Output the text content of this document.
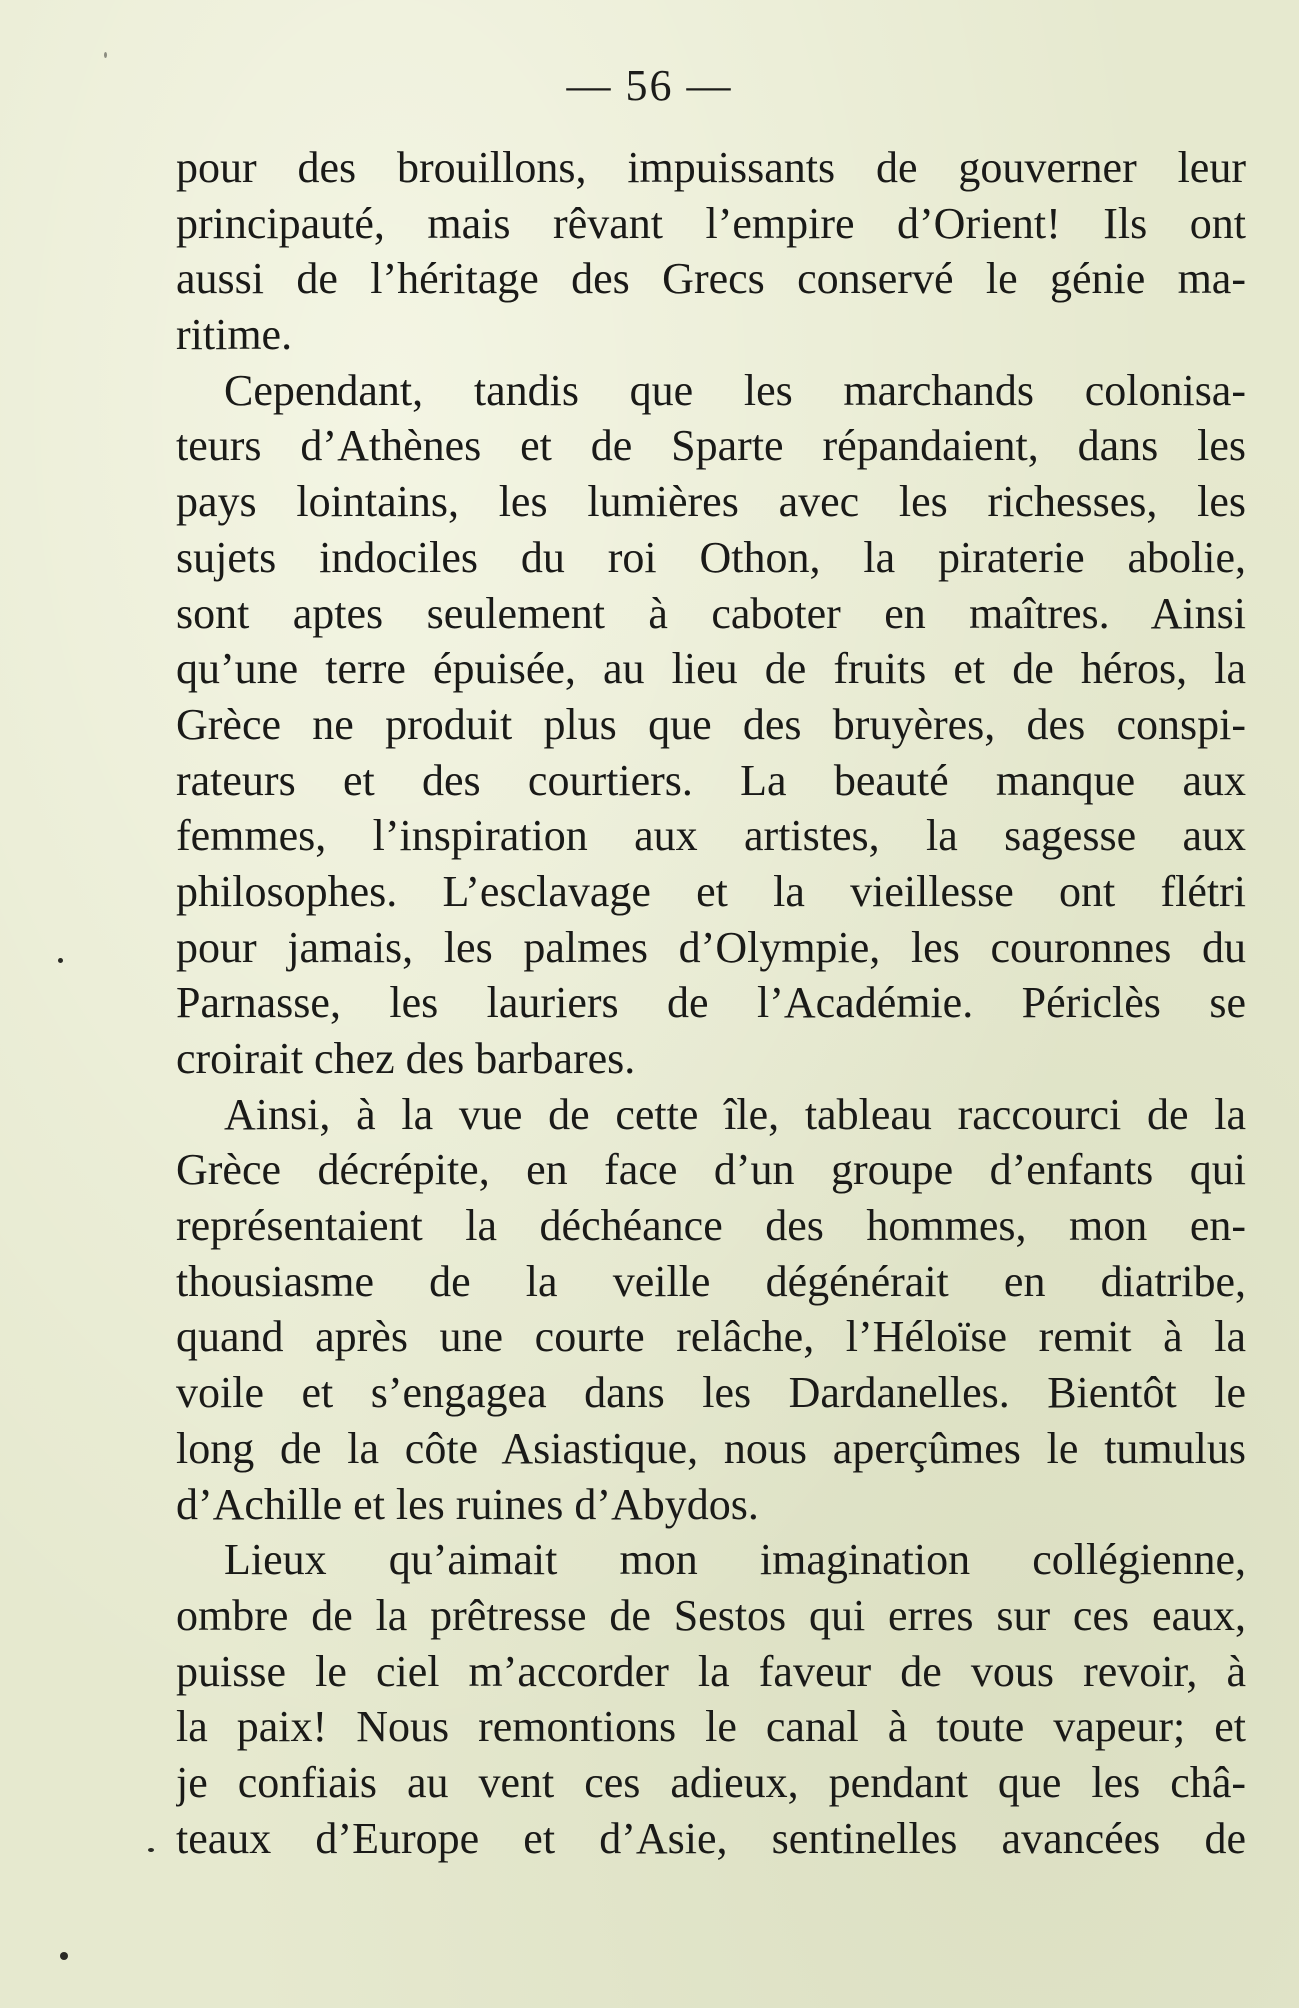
— 56 —
pour des brouillons, impuissants de gouverner leur
principauté, mais rêvant l’empire d’Orient! Ils ont
aussi de l’héritage des Grecs conservé le génie ma-
ritime.
Cependant, tandis que les marchands colonisa-
teurs d’Athènes et de Sparte répandaient, dans les
pays lointains, les lumières avec les richesses, les
sujets indociles du roi Othon, la piraterie abolie,
sont aptes seulement à caboter en maîtres. Ainsi
qu’une terre épuisée, au lieu de fruits et de héros, la
Grèce ne produit plus que des bruyères, des conspi-
rateurs et des courtiers. La beauté manque aux
femmes, l’inspiration aux artistes, la sagesse aux
philosophes. L’esclavage et la vieillesse ont flétri
pour jamais, les palmes d’Olympie, les couronnes du
Parnasse, les lauriers de l’Académie. Périclès se
croirait chez des barbares.
Ainsi, à la vue de cette île, tableau raccourci de la
Grèce décrépite, en face d’un groupe d’enfants qui
représentaient la déchéance des hommes, mon en-
thousiasme de la veille dégénérait en diatribe,
quand après une courte relâche, l’Héloïse remit à la
voile et s’engagea dans les Dardanelles. Bientôt le
long de la côte Asiastique, nous aperçûmes le tumulus
d’Achille et les ruines d’Abydos.
Lieux qu’aimait mon imagination collégienne,
ombre de la prêtresse de Sestos qui erres sur ces eaux,
puisse le ciel m’accorder la faveur de vous revoir, à
la paix! Nous remontions le canal à toute vapeur; et
je confiais au vent ces adieux, pendant que les châ-
teaux d’Europe et d’Asie, sentinelles avancées de
